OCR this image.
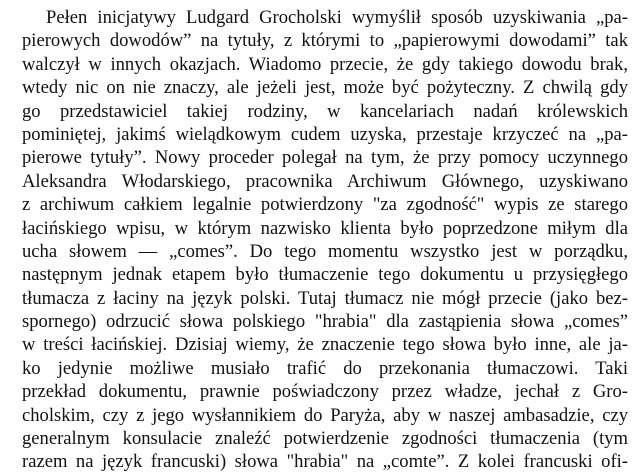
Pełen inicjatywy Ludgard Grocholski wymyślił sposób uzyskiwania „pa-
pierowych dowodów” na tytuły, z którymi to „papierowymi dowodami” tak
walczył w innych okazjach. Wiadomo przecie, że gdy takiego dowodu brak,
wtedy nic on nie znaczy, ale jeżeli jest, może być pożyteczny. Z chwilą gdy
go przedstawiciel takiej rodziny, w kancelariach nadań królewskich
pominiętej, jakimś wielądkowym cudem uzyska, przestaje krzyczeć na „pa-
pierowe tytuły”. Nowy proceder polegał na tym, że przy pomocy uczynnego
Aleksandra Włodarskiego, pracownika Archiwum Głównego, uzyskiwano
z archiwum całkiem legalnie potwierdzony "za zgodność" wypis ze starego
łacińskiego wpisu, w którym nazwisko klienta było poprzedzone miłym dla
ucha słowem — „comes”. Do tego momentu wszystko jest w porządku,
następnym jednak etapem było tłumaczenie tego dokumentu u przysięgłego
tłumacza z łaciny na język polski. Tutaj tłumacz nie mógł przecie (jako bez-
spornego) odrzucić słowa polskiego "hrabia" dla zastąpienia słowa „comes”
w treści łacińskiej. Dzisiaj wiemy, że znaczenie tego słowa było inne, ale ja-
ko jedynie możliwe musiało trafić do przekonania tłumaczowi. Taki
przekład dokumentu, prawnie poświadczony przez władze, jechał z Gro-
cholskim, czy z jego wysłannikiem do Paryża, aby w naszej ambasadzie, czy
generalnym konsulacie znaleźć potwierdzenie zgodności tłumaczenia (tym
razem na język francuski) słowa "hrabia" na „comte”. Z kolei francuski ofi-
